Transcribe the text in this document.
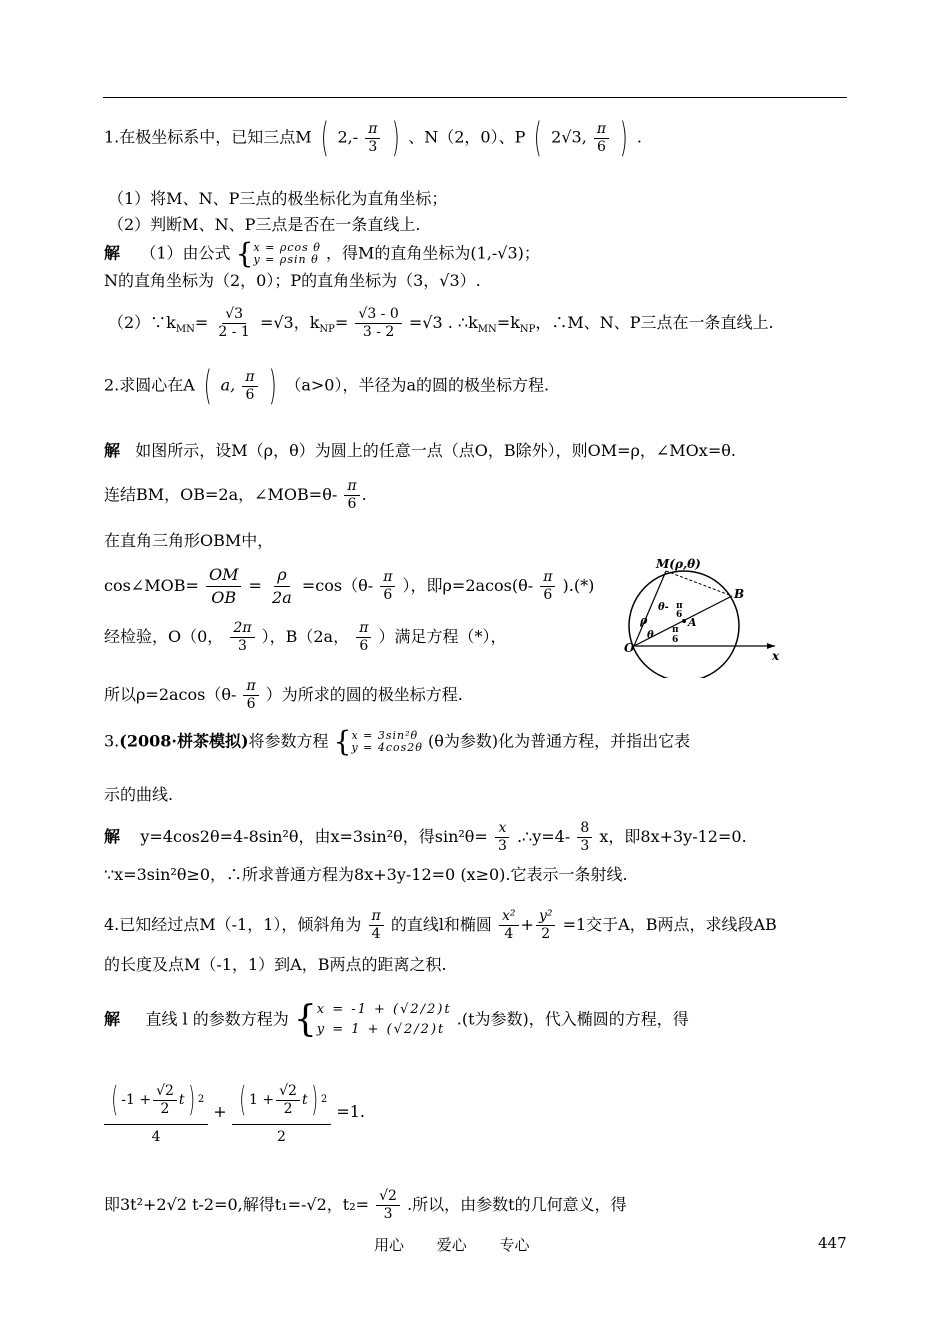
1.在极坐标系中，已知三点M ( $2,- \frac{\pi}{3}$ ) 、N（2，0）、P ( 2√3, $\frac{\pi}{6}$ ) .
（1）将M、N、P三点的极坐标化为直角坐标；
（2）判断M、N、P三点是否在一条直线上.
解 （1）由公式 { x = ρcos θ
y = ρsin θ ，得M的直角坐标为(1,-√3)；
N的直角坐标为（2，0）；P的直角坐标为（3，√3）.
$(2)\because k_{MN}= \frac{√3}{2 - 1} =√3$，$k_{NP}= \frac{√3 - 0}{3 - 2} =√3$ . $\therefore k_{MN}=k_{NP}$，∴M、N、P三点在一条直线上.
2.求圆心在A ( a, $\frac{\pi}{6}$ ) （a>0），半径为a的圆的极坐标方程.
解 如图所示，设M（ρ，θ）为圆上的任意一点（点O，B除外），则OM=ρ，∠MOx=θ.
连结BM，OB=2a，∠MOB=θ- $\frac{\pi}{6}$ .
在直角三角形OBM中，
cos∠MOB= $\frac{OM}{OB} = \frac{\rho}{2a} =\cos(\theta- \frac{\pi}{6}$ ），即$\rho=2acos(\theta- \frac{\pi}{6}$ ).(*)
经检验，O（0， $\frac{2\pi}{3}$ ），B（2a， $\frac{\pi}{6}$ ）满足方程（*），
所以$\rho=2acos(\theta- \frac{\pi}{6}$ ）为所求的圆的极坐标方程.
M(ρ,θ)
B
O
x
A
ρ
θ
θ- π
6
π
6
3.(2008·栟茶模拟)将参数方程 { x = 3sin²θ
y = 4cos2θ (θ为参数)化为普通方程，并指出它表
示的曲线.
解 y=4cos2θ=4-8sin²θ，由x=3sin²θ，得$\sin^2\theta= \frac{x}{3}$ .∴y=4- $\frac{8}{3}$ x，即8x+3y-12=0.
∵x=3sin²θ≥0，∴所求普通方程为8x+3y-12=0 (x≥0).它表示一条射线.
4.已知经过点M（-1，1），倾斜角为 $\frac{\pi}{4}$ 的直线l和椭圆 $\frac{\text{x²}}{4} + \frac{\text{y²}}{2} =1$交于A，B两点，求线段AB
的长度及点M（-1，1）到A，B两点的距离之积.
解 直线 l 的参数方程为 { x = -1 + (√2/2)t
y = 1 + (√2/2)t
.(t为参数)，代入椭圆的方程，得
$\frac{( -1 + \frac{√2}{2} t ) 2}{4} + \frac{( 1 + \frac{√2}{2} t ) 2}{2} =1$.
即3t²+2√2 t-2=0,解得t₁=-√2，$t_2= \frac{√2}{3}$ .所以，由参数t的几何意义，得
用心 爱心 专心	447
